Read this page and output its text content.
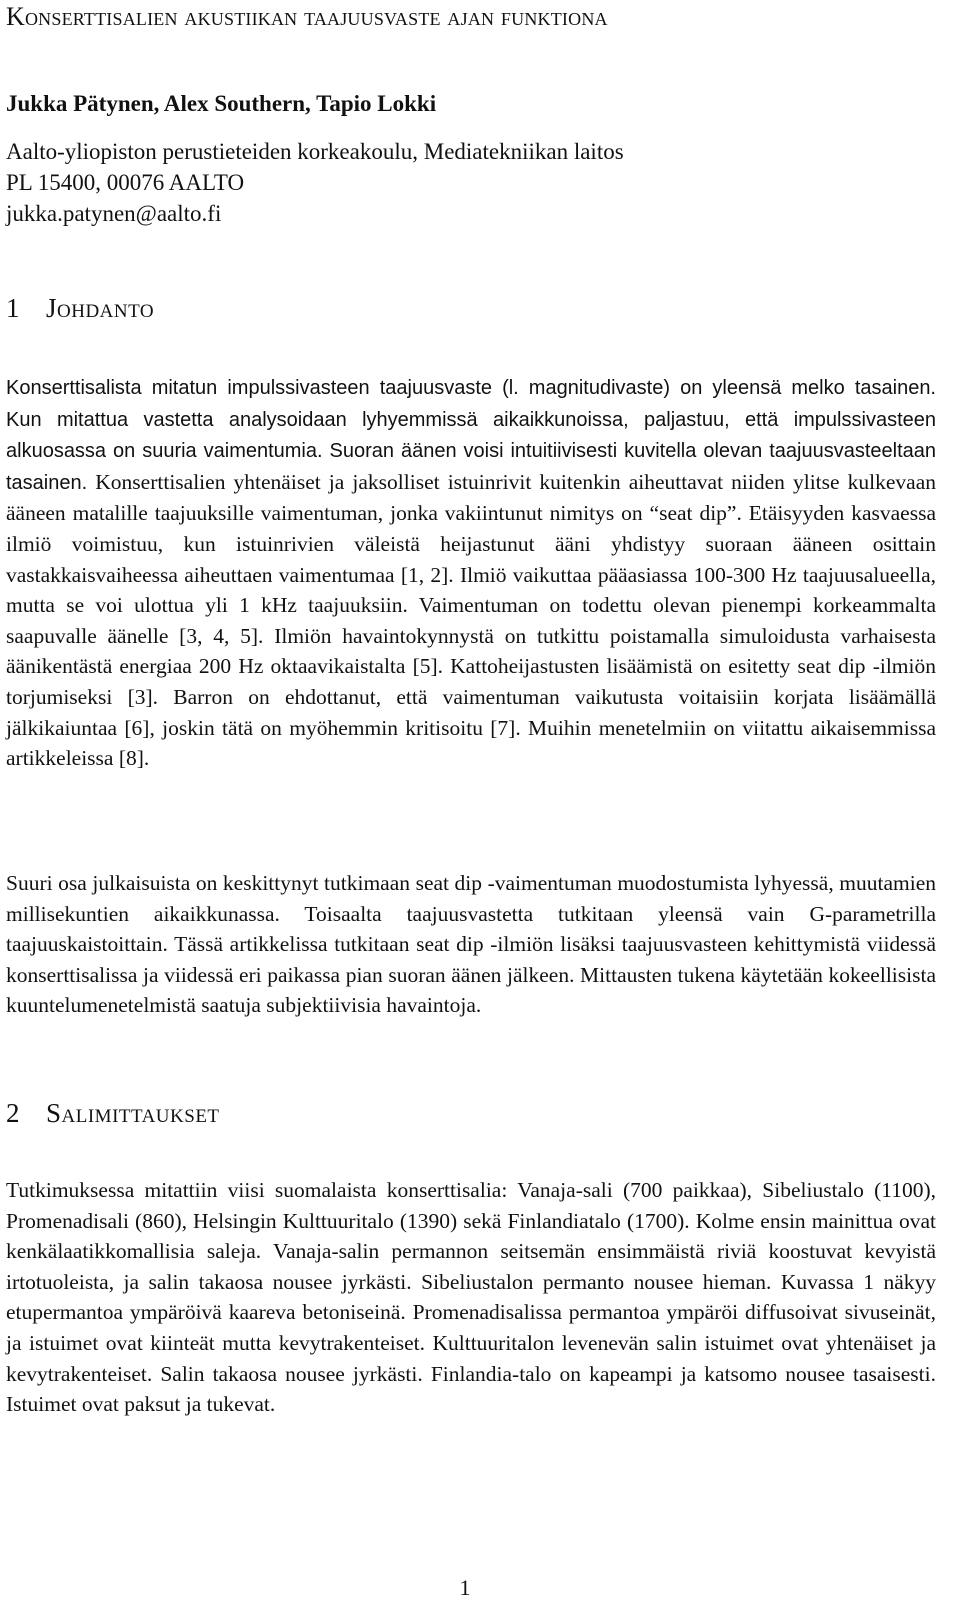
Konserttisalien akustiikan taajuusvaste ajan funktiona
Jukka Pätynen, Alex Southern, Tapio Lokki
Aalto-yliopiston perustieteiden korkeakoulu, Mediatekniikan laitos
PL 15400, 00076 AALTO
jukka.patynen@aalto.fi
1 Johdanto
Konserttisalista mitatun impulssivasteen taajuusvaste (l. magnitudivaste) on yleensä melko tasainen. Kun mitattua vastetta analysoidaan lyhyemmissä aikaikkunoissa, paljastuu, että impulssivasteen alkuosassa on suuria vaimentumia. Suoran äänen voisi intuitiivisesti kuvitella olevan taajuusvasteeltaan tasainen. Konserttisalien yhtenäiset ja jaksolliset istuinrivit kuitenkin aiheuttavat niiden ylitse kulkevaan ääneen matalille taajuuksille vaimentuman, jonka vakiintunut nimitys on “seat dip”. Etäisyyden kasvaessa ilmiö voimistuu, kun istuinrivien väleistä heijastunut ääni yhdistyy suoraan ääneen osittain vastakkaisvaiheessa aiheuttaen vaimentumaa [1, 2]. Ilmiö vaikuttaa pääasiassa 100-300 Hz taajuusalueella, mutta se voi ulottua yli 1 kHz taajuuksiin. Vaimentuman on todettu olevan pienempi korkeammalta saapuvalle äänelle [3, 4, 5]. Ilmiön havaintokynnystä on tutkittu poistamalla simuloidusta varhaisesta äänikentästä energiaa 200 Hz oktaavikaistalta [5]. Kattoheijastusten lisäämistä on esitetty seat dip -ilmiön torjumiseksi [3]. Barron on ehdottanut, että vaimentuman vaikutusta voitaisiin korjata lisäämällä jälkikaiuntaa [6], joskin tätä on myöhemmin kritisoitu [7]. Muihin menetelmiin on viitattu aikaisemmissa artikkeleissa [8].
Suuri osa julkaisuista on keskittynyt tutkimaan seat dip -vaimentuman muodostumista lyhyessä, muutamien millisekuntien aikaikkunassa. Toisaalta taajuusvastetta tutkitaan yleensä vain G-parametrilla taajuuskaistoittain. Tässä artikkelissa tutkitaan seat dip -ilmiön lisäksi taajuusvasteen kehittymistä viidessä konserttisalissa ja viidessä eri paikassa pian suoran äänen jälkeen. Mittausten tukena käytetään kokeellisista kuuntelumenetelmistä saatuja subjektiivisia havaintoja.
2 Salimittaukset
Tutkimuksessa mitattiin viisi suomalaista konserttisalia: Vanaja-sali (700 paikkaa), Sibeliustalo (1100), Promenadisali (860), Helsingin Kulttuuritalo (1390) sekä Finlandiatalo (1700). Kolme ensin mainittua ovat kenkälaatikkomallisia saleja. Vanaja-salin permannon seitsemän ensimmäistä riviä koostuvat kevyistä irtotuoleista, ja salin takaosa nousee jyrkästi. Sibeliustalon permanto nousee hieman. Kuvassa 1 näkyy etupermantoa ympäröivä kaareva betoniseinä. Promenadisalissa permantoa ympäröi diffusoivat sivuseinät, ja istuimet ovat kiinteät mutta kevytrakenteiset. Kulttuuritalon levenevän salin istuimet ovat yhtenäiset ja kevytrakenteiset. Salin takaosa nousee jyrkästi. Finlandia-talo on kapeampi ja katsomo nousee tasaisesti. Istuimet ovat paksut ja tukevat.
1
